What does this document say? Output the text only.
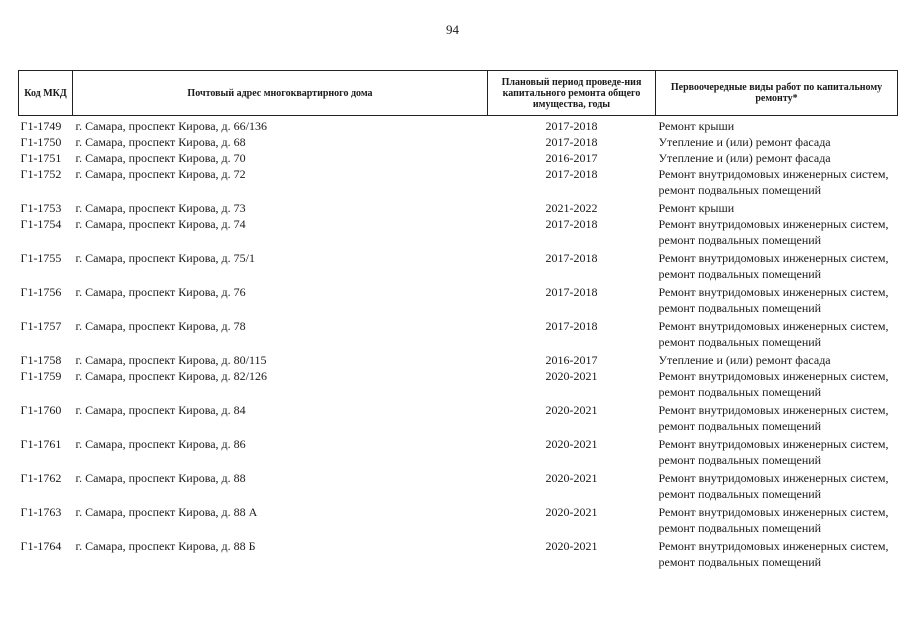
94
Код МКД	Почтовый адрес многоквартирного дома	Плановый период проведе-ния капитального ремонта общего имущества, годы	Первоочередные виды работ по капитальному ремонту*
Г1-1749	г. Самара, проспект Кирова, д. 66/136	2017-2018	Ремонт крыши

Г1-1750	г. Самара, проспект Кирова, д. 68	2017-2018	Утепление и (или) ремонт фасада

Г1-1751	г. Самара, проспект Кирова, д. 70	2016-2017	Утепление и (или) ремонт фасада

Г1-1752	г. Самара, проспект Кирова, д. 72	2017-2018	Ремонт внутридомовых инженерных систем,
ремонт подвальных помещений

Г1-1753	г. Самара, проспект Кирова, д. 73	2021-2022	Ремонт крыши

Г1-1754	г. Самара, проспект Кирова, д. 74	2017-2018	Ремонт внутридомовых инженерных систем,
ремонт подвальных помещений

Г1-1755	г. Самара, проспект Кирова, д. 75/1	2017-2018	Ремонт внутридомовых инженерных систем,
ремонт подвальных помещений

Г1-1756	г. Самара, проспект Кирова, д. 76	2017-2018	Ремонт внутридомовых инженерных систем,
ремонт подвальных помещений

Г1-1757	г. Самара, проспект Кирова, д. 78	2017-2018	Ремонт внутридомовых инженерных систем,
ремонт подвальных помещений

Г1-1758	г. Самара, проспект Кирова, д. 80/115	2016-2017	Утепление и (или) ремонт фасада

Г1-1759	г. Самара, проспект Кирова, д. 82/126	2020-2021	Ремонт внутридомовых инженерных систем,
ремонт подвальных помещений

Г1-1760	г. Самара, проспект Кирова, д. 84	2020-2021	Ремонт внутридомовых инженерных систем,
ремонт подвальных помещений

Г1-1761	г. Самара, проспект Кирова, д. 86	2020-2021	Ремонт внутридомовых инженерных систем,
ремонт подвальных помещений

Г1-1762	г. Самара, проспект Кирова, д. 88	2020-2021	Ремонт внутридомовых инженерных систем,
ремонт подвальных помещений

Г1-1763	г. Самара, проспект Кирова, д. 88 А	2020-2021	Ремонт внутридомовых инженерных систем,
ремонт подвальных помещений

Г1-1764	г. Самара, проспект Кирова, д. 88 Б	2020-2021	Ремонт внутридомовых инженерных систем,
ремонт подвальных помещений
